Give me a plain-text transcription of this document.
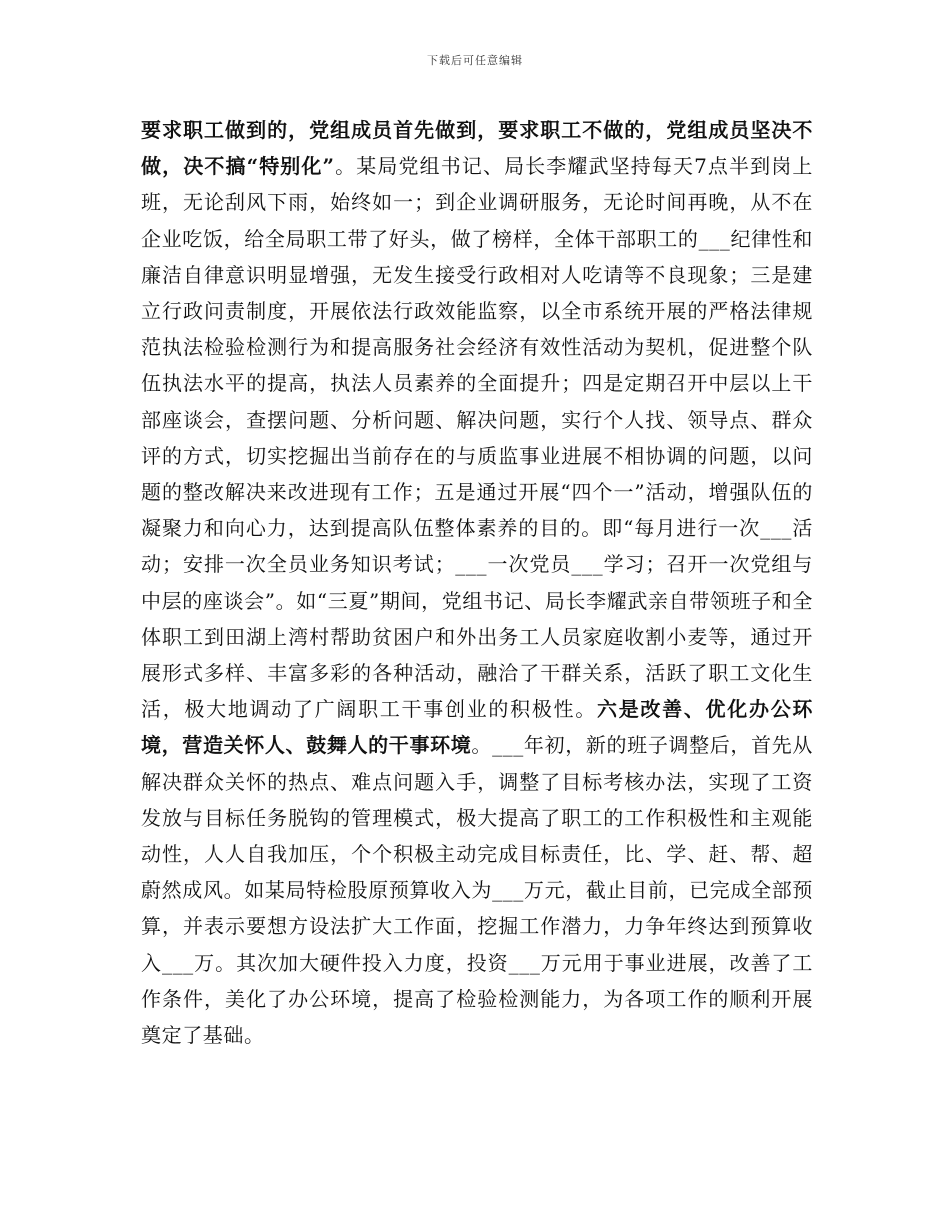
下载后可任意编辑

要求职工做到的，党组成员首先做到，要求职工不做的，党组成员坚决不做，决不搞“特别化”。某局党组书记、局长李耀武坚持每天7点半到岗上班，无论刮风下雨，始终如一；到企业调研服务，无论时间再晚，从不在企业吃饭，给全局职工带了好头，做了榜样，全体干部职工的___纪律性和廉洁自律意识明显增强，无发生接受行政相对人吃请等不良现象；三是建立行政问责制度，开展依法行政效能监察，以全市系统开展的严格法律规范执法检验检测行为和提高服务社会经济有效性活动为契机，促进整个队伍执法水平的提高，执法人员素养的全面提升；四是定期召开中层以上干部座谈会，查摆问题、分析问题、解决问题，实行个人找、领导点、群众评的方式，切实挖掘出当前存在的与质监事业进展不相协调的问题，以问题的整改解决来改进现有工作；五是通过开展“四个一”活动，增强队伍的凝聚力和向心力，达到提高队伍整体素养的目的。即“每月进行一次___活动；安排一次全员业务知识考试；___一次党员___学习；召开一次党组与中层的座谈会”。如“三夏”期间，党组书记、局长李耀武亲自带领班子和全体职工到田湖上湾村帮助贫困户和外出务工人员家庭收割小麦等，通过开展形式多样、丰富多彩的各种活动，融洽了干群关系，活跃了职工文化生活，极大地调动了广阔职工干事创业的积极性。六是改善、优化办公环境，营造关怀人、鼓舞人的干事环境。___年初，新的班子调整后，首先从解决群众关怀的热点、难点问题入手，调整了目标考核办法，实现了工资发放与目标任务脱钩的管理模式，极大提高了职工的工作积极性和主观能动性，人人自我加压，个个积极主动完成目标责任，比、学、赶、帮、超蔚然成风。如某局特检股原预算收入为___万元，截止目前，已完成全部预算，并表示要想方设法扩大工作面，挖掘工作潜力，力争年终达到预算收入___万。其次加大硬件投入力度，投资___万元用于事业进展，改善了工作条件，美化了办公环境，提高了检验检测能力，为各项工作的顺利开展奠定了基础。
